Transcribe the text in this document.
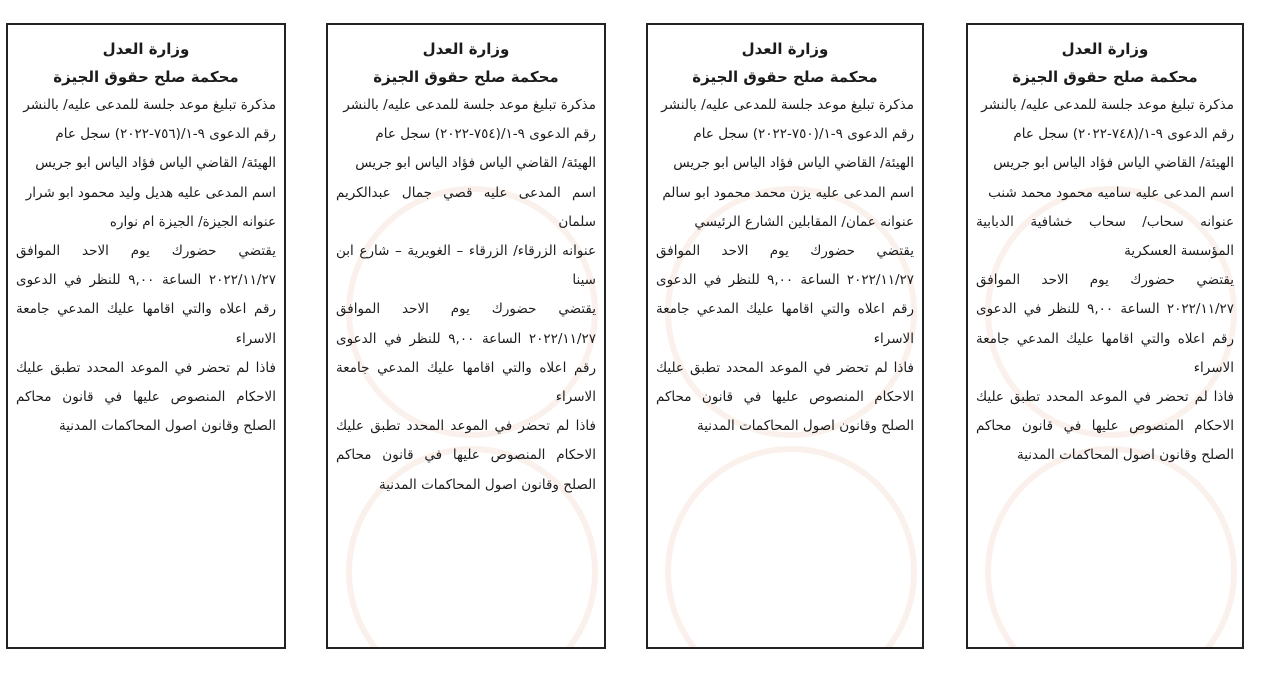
وزارة العدل
محكمة صلح حقوق الجيزة

مذكرة تبليغ موعد جلسة للمدعى عليه/ بالنشر

رقم الدعوى ٩-١/(٧٤٨-٢٠٢٢) سجل عام

الهيئة/ القاضي الياس فؤاد الياس ابو جريس

اسم المدعى عليه ساميه محمود محمد شنب

عنوانه سحاب/ سحاب خشافية الدبابية المؤسسة العسكرية

يقتضي حضورك يوم الاحد الموافق ٢٠٢٢/١١/٢٧ الساعة ٩,٠٠ للنظر في الدعوى رقم اعلاه والتي اقامها عليك المدعي جامعة الاسراء

فاذا لم تحضر في الموعد المحدد تطبق عليك الاحكام المنصوص عليها في قانون محاكم الصلح وقانون اصول المحاكمات المدنية

وزارة العدل
محكمة صلح حقوق الجيزة

مذكرة تبليغ موعد جلسة للمدعى عليه/ بالنشر

رقم الدعوى ٩-١/(٧٥٠-٢٠٢٢) سجل عام

الهيئة/ القاضي الياس فؤاد الياس ابو جريس

اسم المدعى عليه يزن محمد محمود ابو سالم

عنوانه عمان/ المقابلين الشارع الرئيسي

يقتضي حضورك يوم الاحد الموافق ٢٠٢٢/١١/٢٧ الساعة ٩,٠٠ للنظر في الدعوى رقم اعلاه والتي اقامها عليك المدعي جامعة الاسراء

فاذا لم تحضر في الموعد المحدد تطبق عليك الاحكام المنصوص عليها في قانون محاكم الصلح وقانون اصول المحاكمات المدنية

وزارة العدل
محكمة صلح حقوق الجيزة

مذكرة تبليغ موعد جلسة للمدعى عليه/ بالنشر

رقم الدعوى ٩-١/(٧٥٤-٢٠٢٢) سجل عام

الهيئة/ القاضي الياس فؤاد الياس ابو جريس

اسم المدعى عليه قصي جمال عبدالكريم سلمان

عنوانه الزرقاء/ الزرقاء – الغويرية – شارع ابن سينا

يقتضي حضورك يوم الاحد الموافق ٢٠٢٢/١١/٢٧ الساعة ٩,٠٠ للنظر في الدعوى رقم اعلاه والتي اقامها عليك المدعي جامعة الاسراء

فاذا لم تحضر في الموعد المحدد تطبق عليك الاحكام المنصوص عليها في قانون محاكم الصلح وقانون اصول المحاكمات المدنية

وزارة العدل
محكمة صلح حقوق الجيزة

مذكرة تبليغ موعد جلسة للمدعى عليه/ بالنشر

رقم الدعوى ٩-١/(٧٥٦-٢٠٢٢) سجل عام

الهيئة/ القاضي الياس فؤاد الياس ابو جريس

اسم المدعى عليه هديل وليد محمود ابو شرار

عنوانه الجيزة/ الجيزة ام نواره

يقتضي حضورك يوم الاحد الموافق ٢٠٢٢/١١/٢٧ الساعة ٩,٠٠ للنظر في الدعوى رقم اعلاه والتي اقامها عليك المدعي جامعة الاسراء

فاذا لم تحضر في الموعد المحدد تطبق عليك الاحكام المنصوص عليها في قانون محاكم الصلح وقانون اصول المحاكمات المدنية
